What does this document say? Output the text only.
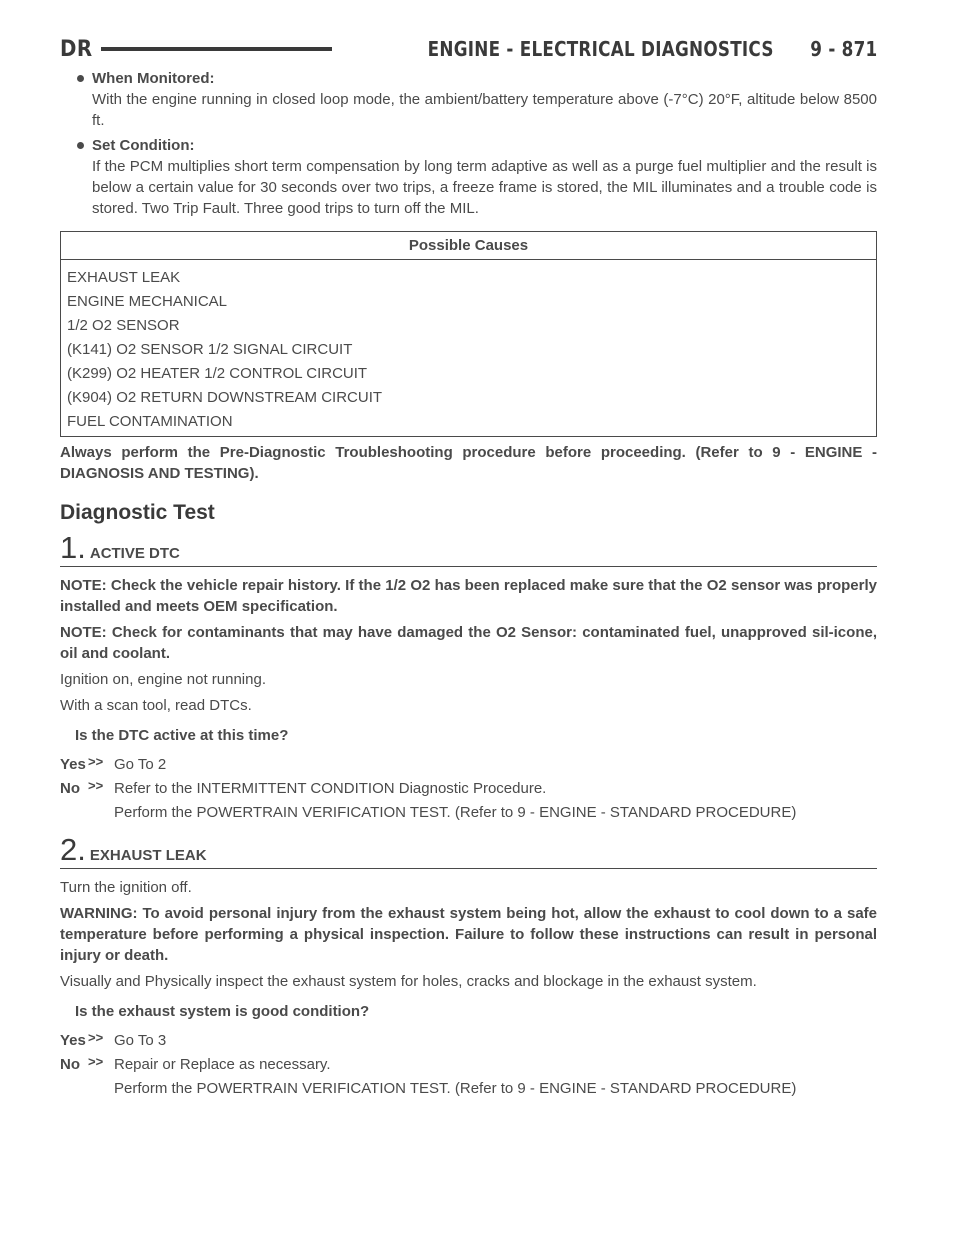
DR	ENGINE - ELECTRICAL DIAGNOSTICS      9 - 871
When Monitored:
With the engine running in closed loop mode, the ambient/battery temperature above (-7°C) 20°F, altitude below 8500 ft.
Set Condition:
If the PCM multiplies short term compensation by long term adaptive as well as a purge fuel multiplier and the result is below a certain value for 30 seconds over two trips, a freeze frame is stored, the MIL illuminates and a trouble code is stored. Two Trip Fault. Three good trips to turn off the MIL.
Possible Causes
EXHAUST LEAK
ENGINE MECHANICAL
1/2 O2 SENSOR
(K141) O2 SENSOR 1/2 SIGNAL CIRCUIT
(K299) O2 HEATER 1/2 CONTROL CIRCUIT
(K904) O2 RETURN DOWNSTREAM CIRCUIT
FUEL CONTAMINATION

Always perform the Pre-Diagnostic Troubleshooting procedure before proceeding. (Refer to 9 - ENGINE - DIAGNOSIS AND TESTING).

Diagnostic Test
1. ACTIVE DTC

NOTE: Check the vehicle repair history. If the 1/2 O2 has been replaced make sure that the O2 sensor was properly installed and meets OEM specification.

NOTE: Check for contaminants that may have damaged the O2 Sensor: contaminated fuel, unapproved sil-icone, oil and coolant.

Ignition on, engine not running.

With a scan tool, read DTCs.

Is the DTC active at this time?

Yes >> Go To 2
No >> Refer to the INTERMITTENT CONDITION Diagnostic Procedure.
Perform the POWERTRAIN VERIFICATION TEST. (Refer to 9 - ENGINE - STANDARD PROCEDURE)
2. EXHAUST LEAK

Turn the ignition off.

WARNING: To avoid personal injury from the exhaust system being hot, allow the exhaust to cool down to a safe temperature before performing a physical inspection. Failure to follow these instructions can result in personal injury or death.

Visually and Physically inspect the exhaust system for holes, cracks and blockage in the exhaust system.

Is the exhaust system is good condition?

Yes >> Go To 3
No >> Repair or Replace as necessary.
Perform the POWERTRAIN VERIFICATION TEST. (Refer to 9 - ENGINE - STANDARD PROCEDURE)
